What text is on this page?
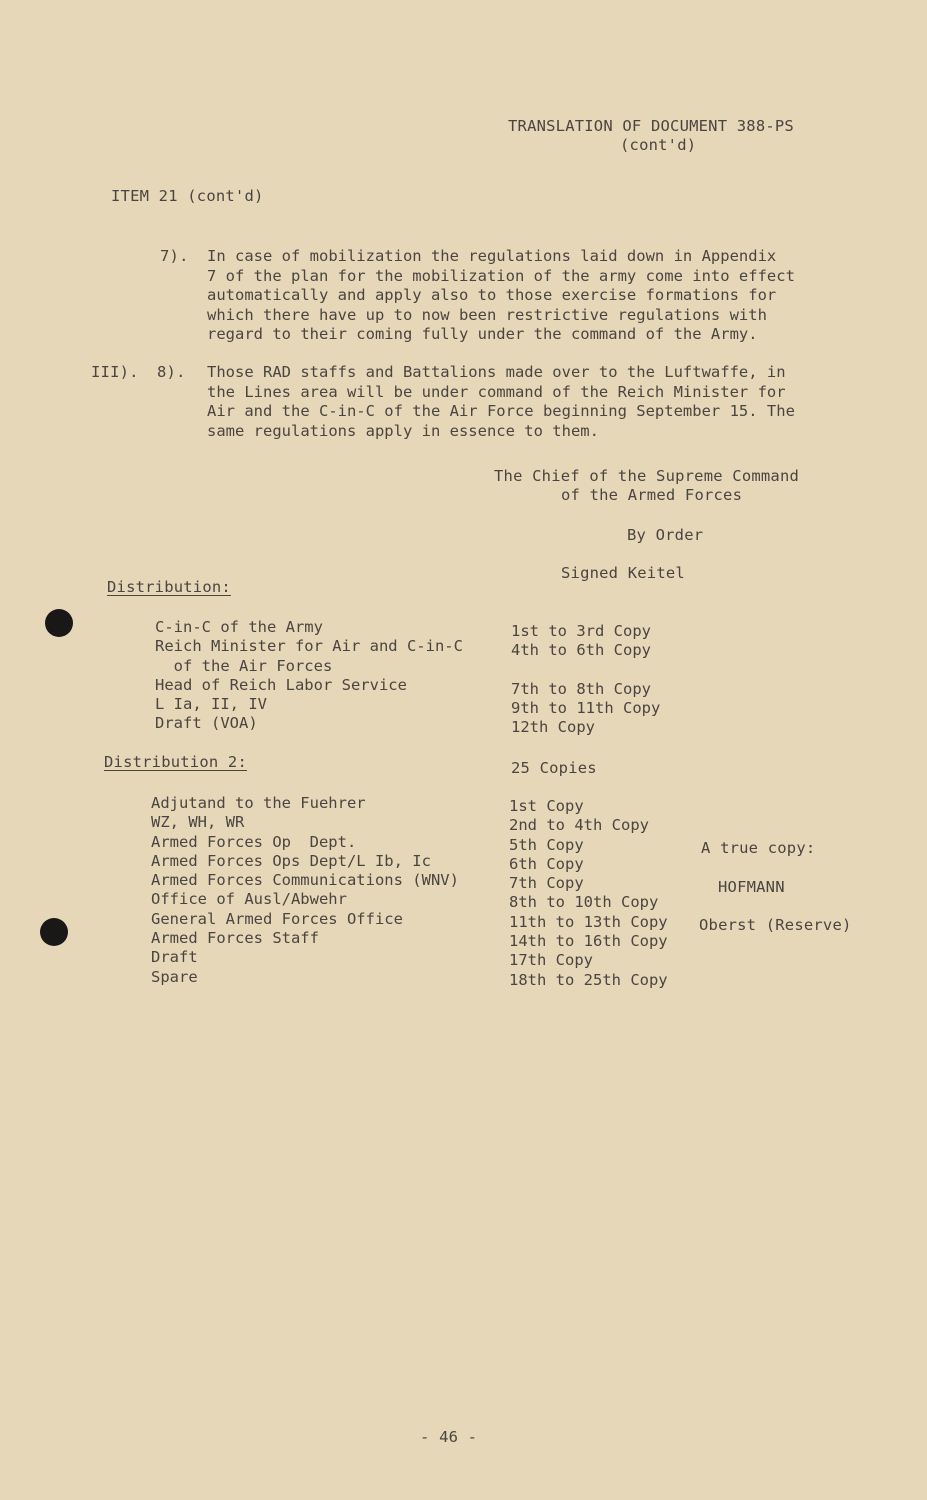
TRANSLATION OF DOCUMENT 388-PS
(cont'd)
ITEM 21 (cont'd)
7). In case of mobilization the regulations laid down in Appendix
7 of the plan for the mobilization of the army come into effect
automatically and apply also to those exercise formations for
which there have up to now been restrictive regulations with
regard to their coming fully under the command of the Army.
III). 8). Those RAD staffs and Battalions made over to the Luftwaffe, in
the Lines area will be under command of the Reich Minister for
Air and the C-in-C of the Air Force beginning September 15. The
same regulations apply in essence to them.
The Chief of the Supreme Command
of the Armed Forces
By Order
Signed Keitel
Distribution:
C-in-C of the Army
Reich Minister for Air and C-in-C
of the Air Forces
Head of Reich Labor Service
L Ia, II, IV
Draft (VOA)
1st to 3rd Copy
4th to 6th Copy

7th to 8th Copy
9th to 11th Copy
12th Copy
Distribution 2:	25 Copies
Adjutand to the Fuehrer
WZ, WH, WR
Armed Forces Op  Dept.
Armed Forces Ops Dept/L Ib, Ic
Armed Forces Communications (WNV)
Office of Ausl/Abwehr
General Armed Forces Office
Armed Forces Staff
Draft
Spare
1st Copy
2nd to 4th Copy
5th Copy
6th Copy
7th Copy
8th to 10th Copy
11th to 13th Copy
14th to 16th Copy
17th Copy
18th to 25th Copy
A true copy:
HOFMANN
Oberst (Reserve)
- 46 -
